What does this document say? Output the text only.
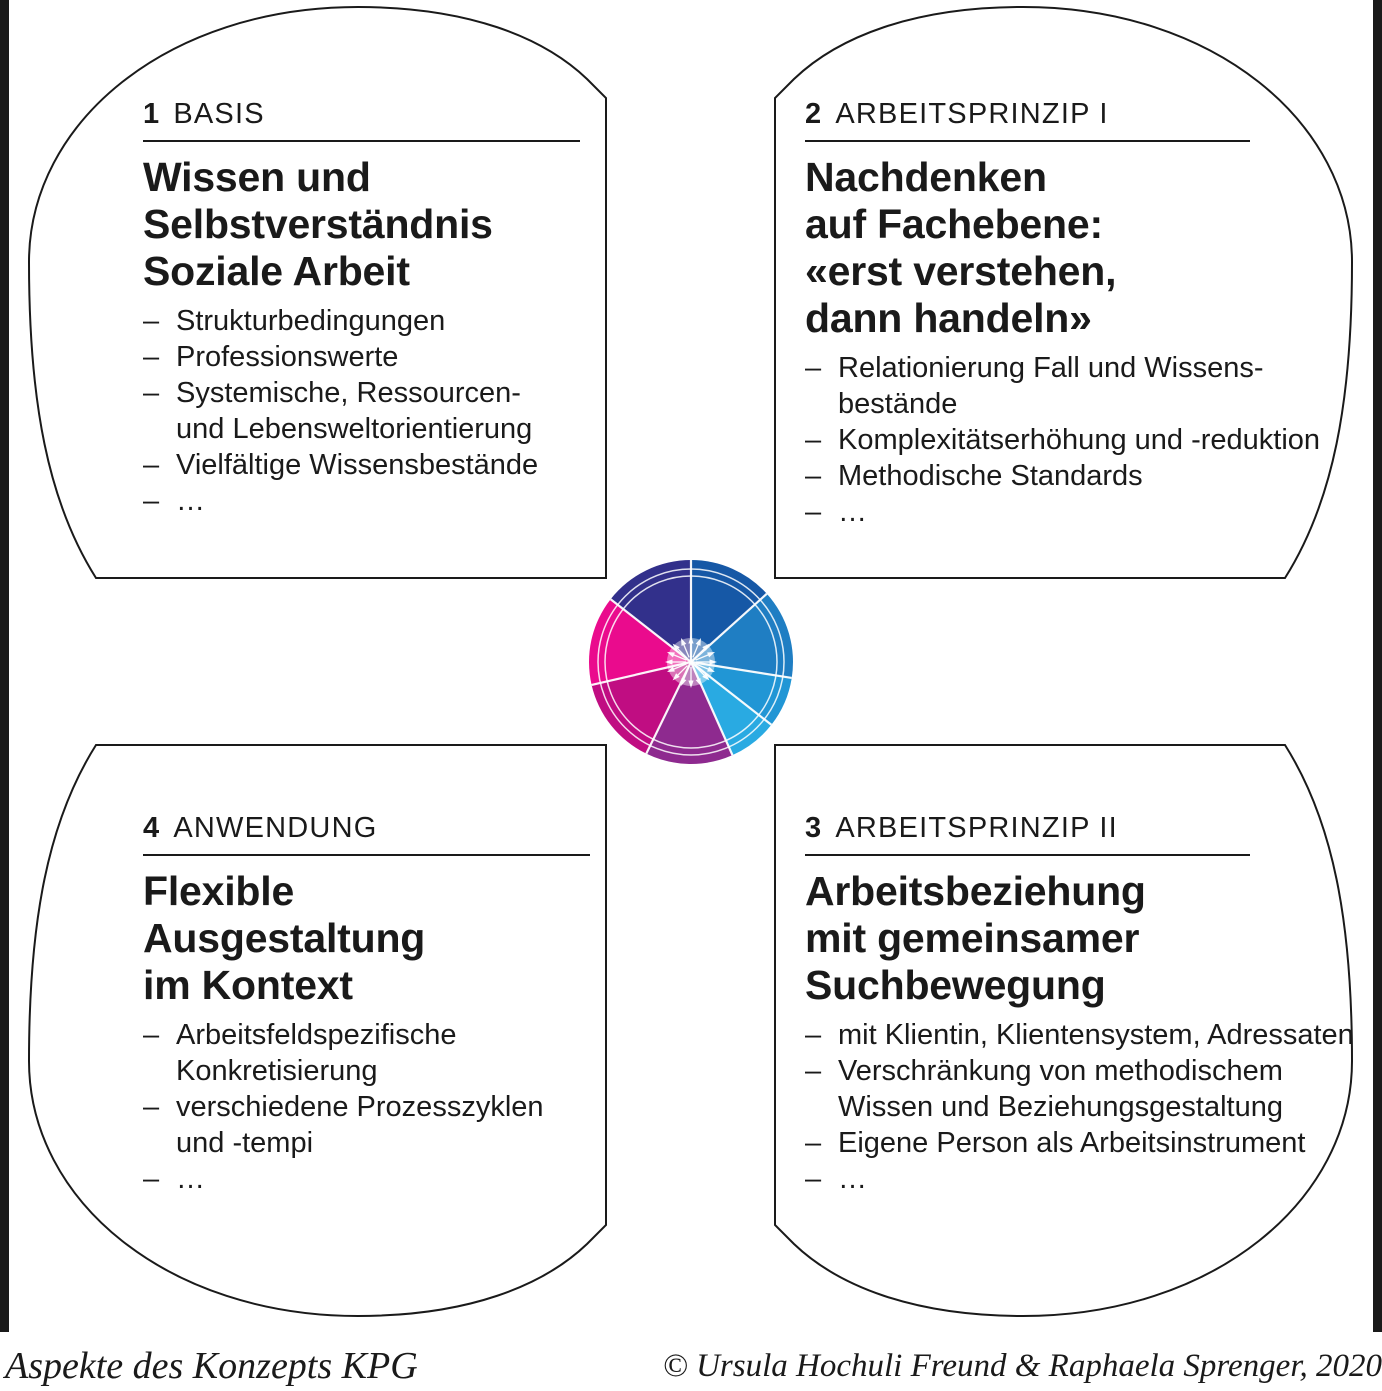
1 BASIS
Wissen und
Selbstverständnis
Soziale Arbeit
– Strukturbedingungen
– Professionswerte
– Systemische, Ressourcen-
und Lebensweltorientierung
– Vielfältige Wissensbestände
– …
2 ARBEITSPRINZIP I
Nachdenken
auf Fachebene:
«erst verstehen,
dann handeln»
– Relationierung Fall und Wissens-
bestände
– Komplexitätserhöhung und -reduktion
– Methodische Standards
– …
3 ARBEITSPRINZIP II
Arbeitsbeziehung
mit gemeinsamer
Suchbewegung
– mit Klientin, Klientensystem, Adressaten
– Verschränkung von methodischem
Wissen und Beziehungsgestaltung
– Eigene Person als Arbeitsinstrument
– …
4 ANWENDUNG
Flexible
Ausgestaltung
im Kontext
– Arbeitsfeldspezifische
Konkretisierung
– verschiedene Prozesszyklen
und -tempi
– …
Aspekte des Konzepts KPG	© Ursula Hochuli Freund & Raphaela Sprenger, 2020
